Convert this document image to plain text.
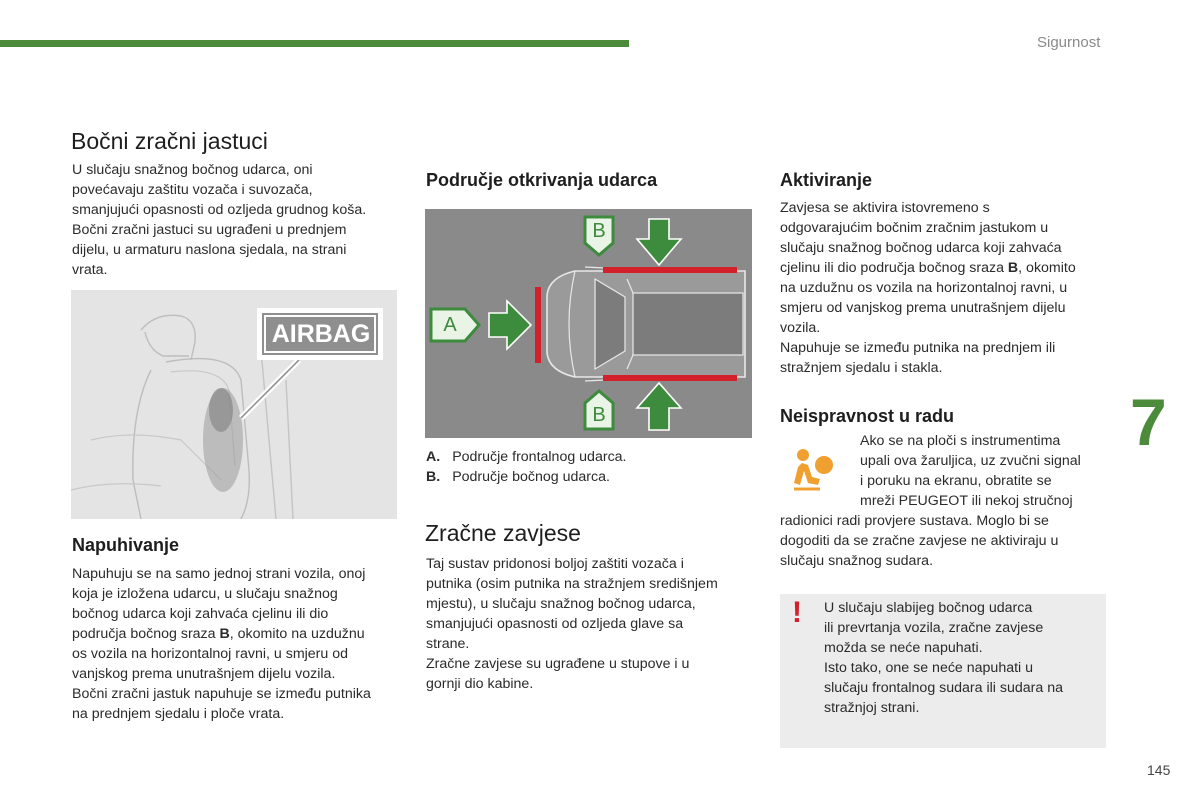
Sigurnost
Bočni zračni jastuci
U slučaju snažnog bočnog udarca, oni
povećavaju zaštitu vozača i suvozača,
smanjujući opasnosti od ozljeda grudnog koša.
Bočni zračni jastuci su ugrađeni u prednjem
dijelu, u armaturu naslona sjedala, na strani
vrata.
AIRBAG
Napuhivanje
Napuhuju se na samo jednoj strani vozila, onoj
koja je izložena udarcu, u slučaju snažnog
bočnog udarca koji zahvaća cjelinu ili dio
područja bočnog sraza B, okomito na uzdužnu
os vozila na horizontalnoj ravni, u smjeru od
vanjskog prema unutrašnjem dijelu vozila.
Bočni zračni jastuk napuhuje se između putnika
na prednjem sjedalu i ploče vrata.
Područje otkrivanja udarca
A
B
B
A. Područje frontalnog udarca.
B. Područje bočnog udarca.
Zračne zavjese
Taj sustav pridonosi boljoj zaštiti vozača i
putnika (osim putnika na stražnjem središnjem
mjestu), u slučaju snažnog bočnog udarca,
smanjujući opasnosti od ozljeda glave sa
strane.
Zračne zavjese su ugrađene u stupove i u
gornji dio kabine.
Aktiviranje
Zavjesa se aktivira istovremeno s
odgovarajućim bočnim zračnim jastukom u
slučaju snažnog bočnog udarca koji zahvaća
cjelinu ili dio područja bočnog sraza B, okomito
na uzdužnu os vozila na horizontalnoj ravni, u
smjeru od vanjskog prema unutrašnjem dijelu
vozila.
Napuhuje se između putnika na prednjem ili
stražnjem sjedalu i stakla.
Neispravnost u radu
Ako se na ploči s instrumentima
upali ova žaruljica, uz zvučni signal
i poruku na ekranu, obratite se
mreži PEUGEOT ili nekoj stručnoj
radionici radi provjere sustava. Moglo bi se
dogoditi da se zračne zavjese ne aktiviraju u
slučaju snažnog sudara.
! U slučaju slabijeg bočnog udarca
ili prevrtanja vozila, zračne zavjese
možda se neće napuhati.
Isto tako, one se neće napuhati u
slučaju frontalnog sudara ili sudara na
stražnjoj strani.
7
145
